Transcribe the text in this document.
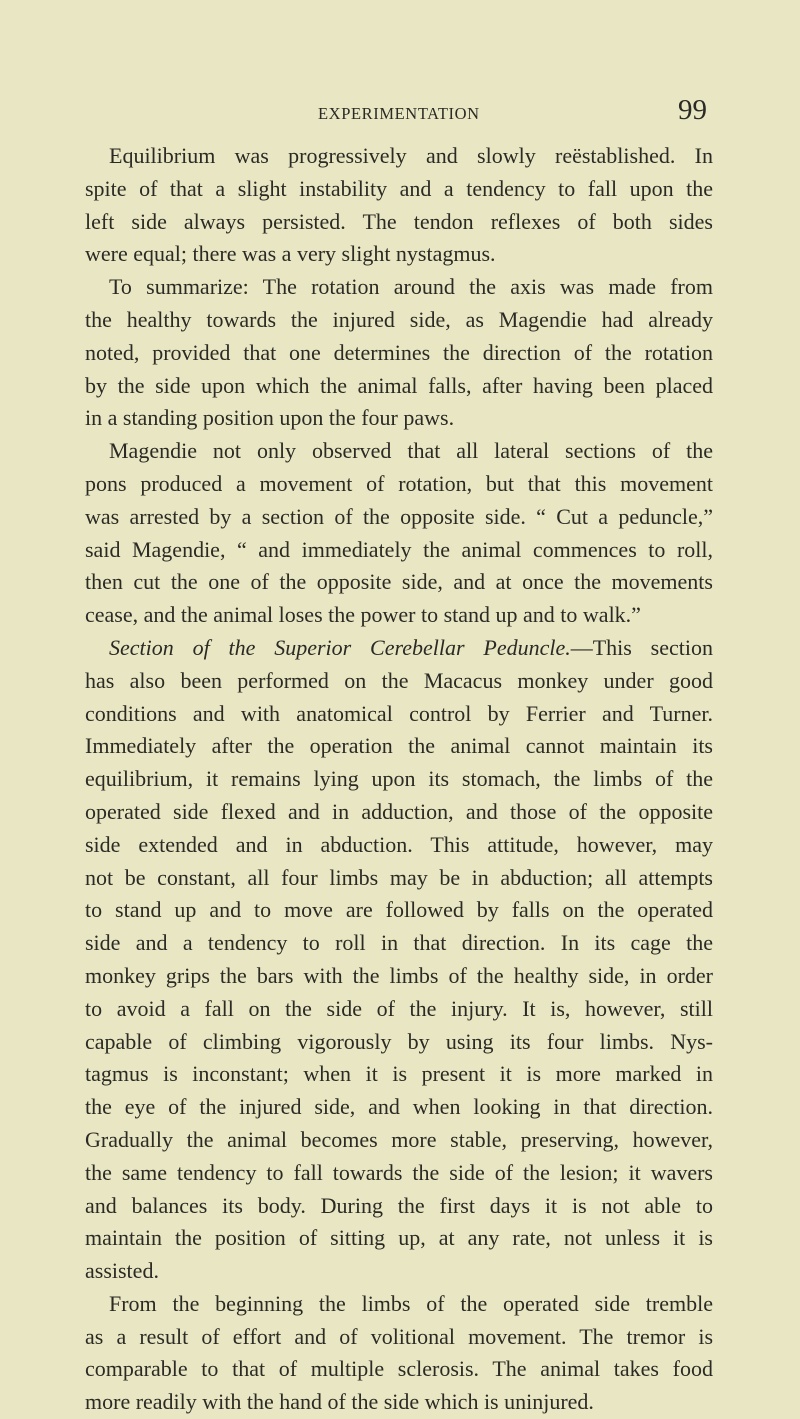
EXPERIMENTATION	99
Equilibrium was progressively and slowly reëstablished. In
spite of that a slight instability and a tendency to fall upon the
left side always persisted. The tendon reflexes of both sides
were equal; there was a very slight nystagmus.
To summarize: The rotation around the axis was made from
the healthy towards the injured side, as Magendie had already
noted, provided that one determines the direction of the rotation
by the side upon which the animal falls, after having been placed
in a standing position upon the four paws.
Magendie not only observed that all lateral sections of the
pons produced a movement of rotation, but that this movement
was arrested by a section of the opposite side. “ Cut a peduncle,”
said Magendie, “ and immediately the animal commences to roll,
then cut the one of the opposite side, and at once the movements
cease, and the animal loses the power to stand up and to walk.”
Section of the Superior Cerebellar Peduncle.—This section
has also been performed on the Macacus monkey under good
conditions and with anatomical control by Ferrier and Turner.
Immediately after the operation the animal cannot maintain its
equilibrium, it remains lying upon its stomach, the limbs of the
operated side flexed and in adduction, and those of the opposite
side extended and in abduction. This attitude, however, may
not be constant, all four limbs may be in abduction; all attempts
to stand up and to move are followed by falls on the operated
side and a tendency to roll in that direction. In its cage the
monkey grips the bars with the limbs of the healthy side, in order
to avoid a fall on the side of the injury. It is, however, still
capable of climbing vigorously by using its four limbs. Nys-
tagmus is inconstant; when it is present it is more marked in
the eye of the injured side, and when looking in that direction.
Gradually the animal becomes more stable, preserving, however,
the same tendency to fall towards the side of the lesion; it wavers
and balances its body. During the first days it is not able to
maintain the position of sitting up, at any rate, not unless it is
assisted.
From the beginning the limbs of the operated side tremble
as a result of effort and of volitional movement. The tremor is
comparable to that of multiple sclerosis. The animal takes food
more readily with the hand of the side which is uninjured.
